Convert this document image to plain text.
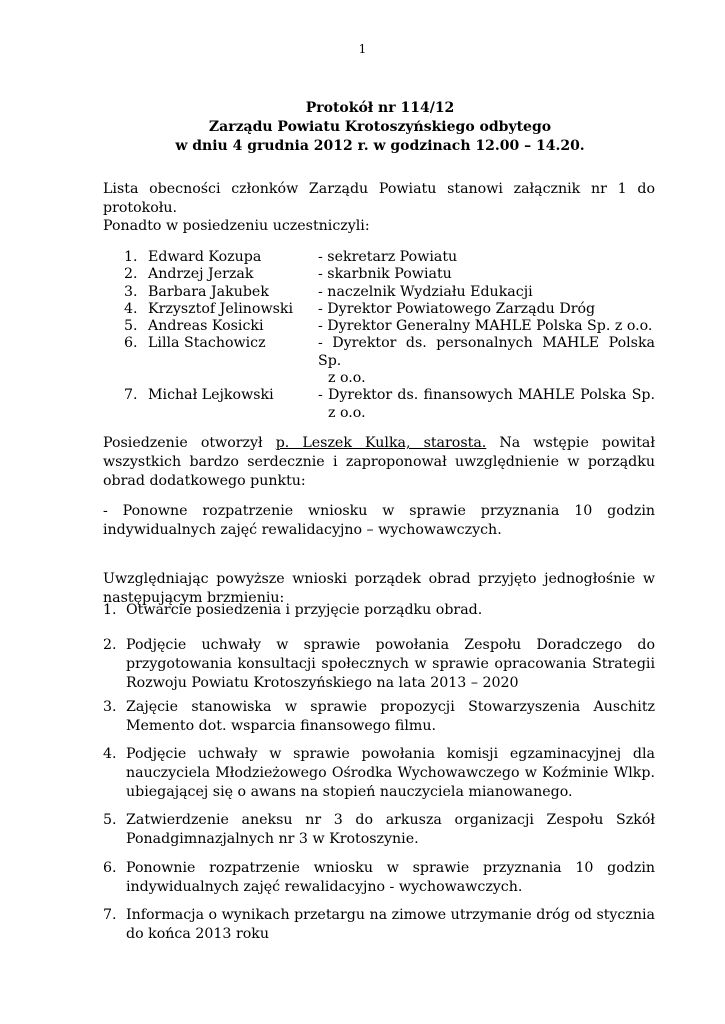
1
Protokół nr 114/12
Zarządu Powiatu Krotoszyńskiego odbytego
w dniu 4 grudnia 2012 r. w godzinach 12.00 – 14.20.
Lista obecności członków Zarządu Powiatu stanowi załącznik nr 1 do protokołu.
Ponadto w posiedzeniu uczestniczyli:
1. Edward Kozupa	- sekretarz Powiatu
2. Andrzej Jerzak	- skarbnik Powiatu
3. Barbara Jakubek	- naczelnik Wydziału Edukacji
4. Krzysztof Jelinowski	- Dyrektor Powiatowego Zarządu Dróg
5. Andreas Kosicki	- Dyrektor Generalny MAHLE Polska Sp. z o.o.
6. Lilla Stachowicz	- Dyrektor ds. personalnych MAHLE Polska Sp.
z o.o.
7. Michał Lejkowski	- Dyrektor ds. finansowych MAHLE Polska Sp.
z o.o.
Posiedzenie otworzył p. Leszek Kulka, starosta. Na wstępie powitał wszystkich bardzo serdecznie i zaproponował uwzględnienie w porządku obrad dodatkowego punktu:
- Ponowne rozpatrzenie wniosku w sprawie przyznania 10 godzin indywidualnych zajęć rewalidacyjno – wychowawczych.
Uwzględniając powyższe wnioski porządek obrad przyjęto jednogłośnie w następującym brzmieniu:
1. Otwarcie posiedzenia i przyjęcie porządku obrad.
2. Podjęcie uchwały w sprawie powołania Zespołu Doradczego do przygotowania konsultacji społecznych w sprawie opracowania Strategii Rozwoju Powiatu Krotoszyńskiego na lata 2013 – 2020
3. Zajęcie stanowiska w sprawie propozycji Stowarzyszenia Auschitz Memento dot. wsparcia finansowego filmu.
4. Podjęcie uchwały w sprawie powołania komisji egzaminacyjnej dla nauczyciela Młodzieżowego Ośrodka Wychowawczego w Koźminie Wlkp. ubiegającej się o awans na stopień nauczyciela mianowanego.
5. Zatwierdzenie aneksu nr 3 do arkusza organizacji Zespołu Szkół Ponadgimnazjalnych nr 3 w Krotoszynie.
6. Ponownie rozpatrzenie wniosku w sprawie przyznania 10 godzin indywidualnych zajęć rewalidacyjno - wychowawczych.
7. Informacja o wynikach przetargu na zimowe utrzymanie dróg od stycznia do końca 2013 roku
